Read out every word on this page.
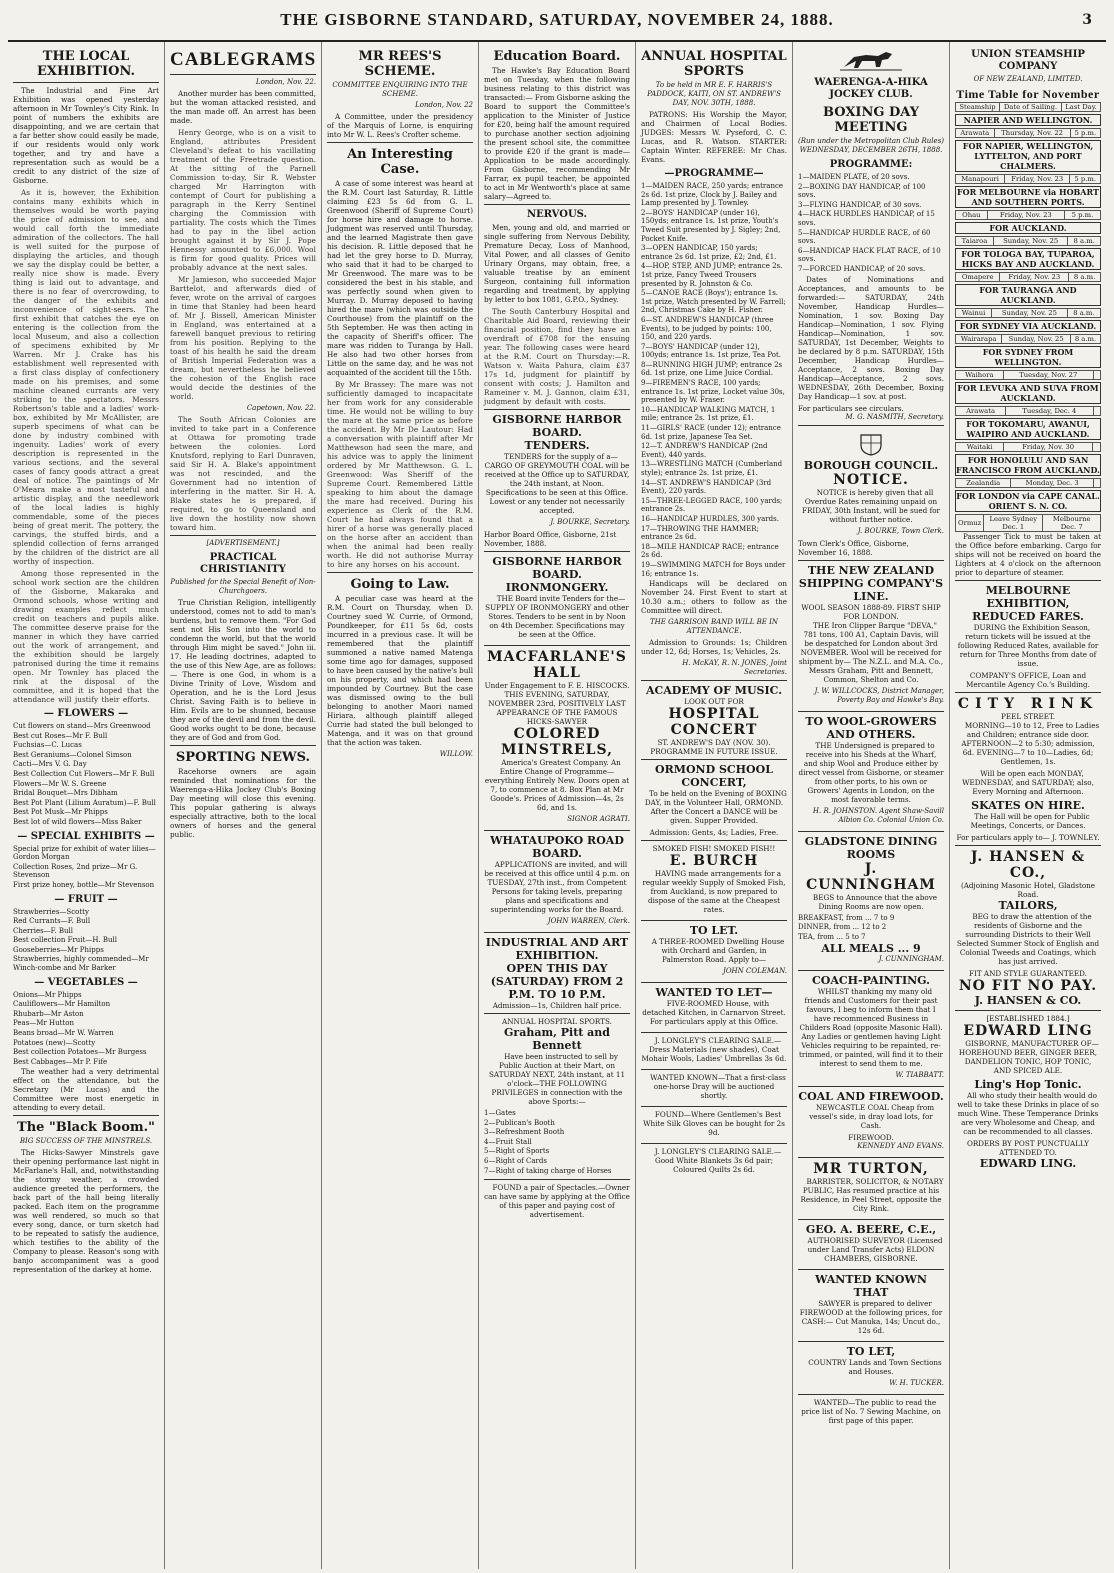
THE GISBORNE STANDARD, SATURDAY, NOVEMBER 24, 1888.	3
THE LOCAL EXHIBITION.

The Industrial and Fine Art Exhibition was opened yesterday afternoon in Mr Townley's City Rink. In point of numbers the exhibits are disappointing, and we are certain that a far better show could easily be made, if our residents would only work together, and try and have a representation such as would be a credit to any district of the size of Gisborne.

As it is, however, the Exhibition contains many exhibits which in themselves would be worth paying the price of admission to see, and would call forth the immediate admiration of the collectors. The hall is well suited for the purpose of displaying the articles, and though we say the display could be better, a really nice show is made. Every thing is laid out to advantage, and there is no fear of overcrowding, to the danger of the exhibits and inconvenience of sight-seers. The first exhibit that catches the eye on entering is the collection from the local Museum, and also a collection of specimens exhibited by Mr Warren. Mr J. Crake has his establishment well represented with a first class display of confectionery made on his premises, and some machine cleaned currants are very striking to the spectators. Messrs Robertson's table and a ladies' work-box, exhibited by Mr McAllister, are superb specimens of what can be done by industry combined with ingenuity. Ladies' work of every description is represented in the various sections, and the several cases of fancy goods attract a great deal of notice. The paintings of Mr O'Meara make a most tasteful and artistic display, and the needlework of the local ladies is highly commendable, some of the pieces being of great merit. The pottery, the carvings, the stuffed birds, and a splendid collection of ferns arranged by the children of the district are all worthy of inspection.

Among those represented in the school work section are the children of the Gisborne, Makaraka and Ormond schools, whose writing and drawing examples reflect much credit on teachers and pupils alike. The committee deserve praise for the manner in which they have carried out the work of arrangement, and the exhibition should be largely patronised during the time it remains open. Mr Townley has placed the rink at the disposal of the committee, and it is hoped that the attendance will justify their efforts.

— FLOWERS —
Cut flowers on stand—Mrs Greenwood
Best cut Roses—Mr F. Bull
Fuchsias—C. Lucas
Best Geraniums—Colonel Simson
Cacti—Mrs V. G. Day
Best Collection Cut Flowers—Mr F. Bull
Flowers—Mr W. S. Greene
Bridal Bouquet—Mrs Dibham
Best Pot Plant (Lilium Auratum)—F. Bull
Best Pot Musk—Mr Phipps
Best lot of wild flowers—Miss Baker
— SPECIAL EXHIBITS —
Special prize for exhibit of water lilies—Gordon Morgan
Collection Roses, 2nd prize—Mr G. Stevenson
First prize honey, bottle—Mr Stevenson
— FRUIT —
Strawberries—Scotty
Red Currants—F. Bull
Cherries—F. Bull
Best collection Fruit—H. Bull
Gooseberries—Mr Phipps
Strawberries, highly commended—Mr Winch-combe and Mr Barker
— VEGETABLES —
Onions—Mr Phipps
Cauliflowers—Mr Hamilton
Rhubarb—Mr Aston
Peas—Mr Hutton
Beans broad—Mr W. Warren
Potatoes (new)—Scotty
Best collection Potatoes—Mr Burgess
Best Cabbages—Mr P. Fife

The weather had a very detrimental effect on the attendance, but the Secretary (Mr Lucas) and the Committee were most energetic in attending to every detail.

The "Black Boom."
BIG SUCCESS OF THE MINSTRELS.

The Hicks-Sawyer Minstrels gave their opening performance last night in McFarlane's Hall, and, notwithstanding the stormy weather, a crowded audience greeted the performers, the back part of the hall being literally packed. Each item on the programme was well rendered, so much so that every song, dance, or turn sketch had to be repeated to satisfy the audience, which testifies to the ability of the Company to please. Reason's song with banjo accompaniment was a good representation of the darkey at home.

CABLEGRAMS
London, Nov. 22.

Another murder has been committed, but the woman attacked resisted, and the man made off. An arrest has been made.

Henry George, who is on a visit to England, attributes President Cleveland's defeat to his vacillating treatment of the Freetrade question. At the sitting of the Parnell Commission to-day, Sir R. Webster charged Mr Harrington with contempt of Court for publishing a paragraph in the Kerry Sentinel charging the Commission with partiality. The costs which the Times had to pay in the libel action brought against it by Sir J. Pope Hennessy amounted to £6,000. Wool is firm for good quality. Prices will probably advance at the next sales.

Mr Jamieson, who succeeded Major Barttelot, and afterwards died of fever, wrote on the arrival of cargoes in time that Stanley had been heard of. Mr J. Bissell, American Minister in England, was entertained at a farewell banquet previous to retiring from his position. Replying to the toast of his health he said the dream of British Imperial Federation was a dream, but nevertheless he believed the cohesion of the English race would decide the destinies of the world.

Capetown, Nov. 22.

The South African Colonies are invited to take part in a Conference at Ottawa for promoting trade between the colonies. Lord Knutsford, replying to Earl Dunraven, said Sir H. A. Blake's appointment was not rescinded, and the Government had no intention of interfering in the matter. Sir H. A. Blake states he is prepared, if required, to go to Queensland and live down the hostility now shown toward him.

[ADVERTISEMENT.]
PRACTICAL CHRISTIANITY
Published for the Special Benefit of Non-Churchgoers.

True Christian Religion, intelligently understood, comes not to add to man's burdens, but to remove them. "For God sent not His Son into the world to condemn the world, but that the world through Him might be saved." John iii. 17. He leading doctrines, adapted to the use of this New Age, are as follows:— There is one God, in whom is a Divine Trinity of Love, Wisdom and Operation, and he is the Lord Jesus Christ. Saving Faith is to believe in Him. Evils are to be shunned, because they are of the devil and from the devil. Good works ought to be done, because they are of God and from God.

SPORTING NEWS.

Racehorse owners are again reminded that nominations for the Waerenga-a-Hika Jockey Club's Boxing Day meeting will close this evening. This popular gathering is always especially attractive, both to the local owners of horses and the general public.

MR REES'S SCHEME.
COMMITTEE ENQUIRING INTO THE SCHEME.
London, Nov. 22

A Committee, under the presidency of the Marquis of Lorne, is enquiring into Mr W. L. Rees's Crofter scheme.

An Interesting Case.

A case of some interest was heard at the R.M. Court last Saturday, R. Little claiming £23 5s 6d from G. L. Greenwood (Sheriff of Supreme Court) for horse hire and damage to horse. Judgment was reserved until Thursday, and the learned Magistrate then gave his decision. R. Little deposed that he had let the grey horse to D. Murray, who said that it had to be charged to Mr Greenwood. The mare was to be considered the best in his stable, and was perfectly sound when given to Murray. D. Murray deposed to having hired the mare (which was outside the Courthouse) from the plaintiff on the 5th September. He was then acting in the capacity of Sheriff's officer. The mare was ridden to Turanga by Hall. He also had two other horses from Little on the same day, and he was not acquainted of the accident till the 15th.

By Mr Brassey: The mare was not sufficiently damaged to incapacitate her from work for any considerable time. He would not be willing to buy the mare at the same price as before the accident. By Mr De Lautour: Had a conversation with plaintiff after Mr Matthewson had seen the mare, and his advice was to apply the liniment ordered by Mr Matthewson. G. L. Greenwood: Was Sheriff of the Supreme Court. Remembered Little speaking to him about the damage the mare had received. During his experience as Clerk of the R.M. Court he had always found that a hirer of a horse was generally placed on the horse after an accident than when the animal had been really worth. He did not authorise Murray to hire any horses on his account.

Going to Law.

A peculiar case was heard at the R.M. Court on Thursday, when D. Courtney sued W. Currie, of Ormond, Poundkeeper, for £11 5s 6d, costs incurred in a previous case. It will be remembered that the plaintiff summoned a native named Matenga some time ago for damages, supposed to have been caused by the native's bull on his property, and which had been impounded by Courtney. But the case was dismissed owing to the bull belonging to another Maori named Hiriara, although plaintiff alleged Currie had stated the bull belonged to Matenga, and it was on that ground that the action was taken.

WILLOW.
Education Board.

The Hawke's Bay Education Board met on Tuesday, when the following business relating to this district was transacted:— From Gisborne asking the Board to support the Committee's application to the Minister of Justice for £20, being half the amount required to purchase another section adjoining the present school site, the committee to provide £20 if the grant is made—Application to be made accordingly. From Gisborne, recommending Mr Farrar, ex pupil teacher, be appointed to act in Mr Wentworth's place at same salary—Agreed to.

NERVOUS.

Men, young and old, and married or single suffering from Nervous Debility, Premature Decay, Loss of Manhood, Vital Power, and all classes of Genito Urinary Organs, may obtain, free, a valuable treatise by an eminent Surgeon, containing full information regarding and treatment, by applying by letter to box 1081, G.P.O., Sydney.

The South Canterbury Hospital and Charitable Aid Board, reviewing their financial position, find they have an overdraft of £708 for the ensuing year. The following cases were heard at the R.M. Court on Thursday:—R. Watson v. Waita Pahura, claim £37 17s 1d, judgment for plaintiff by consent with costs; J. Hamilton and Rameiner v. M. J. Gannon, claim £31, judgment by default with costs.

GISBORNE HARBOR BOARD.
TENDERS.

TENDERS for the supply of a— CARGO OF GREYMOUTH COAL will be received at the Office up to SATURDAY, the 24th instant, at Noon. Specifications to be seen at this Office. Lowest or any tender not necessarily accepted.

J. BOURKE, Secretary.
Harbor Board Office, Gisborne, 21st November, 1888.
GISBORNE HARBOR BOARD.
IRONMONGERY.

THE Board invite Tenders for the— SUPPLY OF IRONMONGERY and other Stores. Tenders to be sent in by Noon on 4th December. Specifications may be seen at the Office.

MACFARLANE'S HALL
Under Engagement to F. E. HISCOCKS.
THIS EVENING, SATURDAY, NOVEMBER 23rd, POSITIVELY LAST APPEARANCE OF THE FAMOUS HICKS-SAWYER
COLORED MINSTRELS,

America's Greatest Company. An Entire Change of Programme—everything Entirely New. Doors open at 7, to commence at 8. Box Plan at Mr Goode's. Prices of Admission—4s, 2s 6d, and 1s.

SIGNOR AGRATI.
WHATAUPOKO ROAD BOARD.

APPLICATIONS are invited, and will be received at this office until 4 p.m. on TUESDAY, 27th inst., from Competent Persons for taking levels, preparing plans and specifications and superintending works for the Board.

JOHN WARREN, Clerk.
INDUSTRIAL AND ART EXHIBITION.
OPEN THIS DAY (SATURDAY) FROM 2 P.M. TO 10 P.M.
Admission—1s, Children half price.
ANNUAL HOSPITAL SPORTS.
Graham, Pitt and Bennett

Have been instructed to sell by Public Auction at their Mart, on SATURDAY NEXT, 24th instant, at 11 o'clock—THE FOLLOWING PRIVILEGES in connection with the above Sports:—

1—Gates
2—Publican's Booth
3—Refreshment Booth
4—Fruit Stall
5—Right of Sports
6—Right of Cards
7—Right of taking charge of Horses

FOUND a pair of Spectacles.—Owner can have same by applying at the Office of this paper and paying cost of advertisement.

ANNUAL HOSPITAL SPORTS
To be held in MR E. F. HARRIS'S PADDOCK, KAITI, ON ST. ANDREW'S DAY, NOV. 30TH, 1888.

PATRONS: His Worship the Mayor, and Chairmen of Local Bodies. JUDGES: Messrs W. Pyseford, C. C. Lucas, and R. Watson. STARTER: Captain Winter. REFEREE: Mr Chas. Evans.

—PROGRAMME—
1—MAIDEN RACE, 250 yards; entrance 2s 6d. 1st prize, Clock by J. Bailey and Lamp presented by J. Townley.
2—BOYS' HANDICAP (under 16), 150yds; entrance 1s. 1st prize, Youth's Tweed Suit presented by J. Sigley; 2nd, Pocket Knife.
3—OPEN HANDICAP, 150 yards; entrance 2s 6d. 1st prize, £2; 2nd, £1.
4—HOP, STEP, AND JUMP; entrance 2s. 1st prize, Fancy Tweed Trousers presented by R. Johnston & Co.
5—CANOE RACE (Boys'); entrance 1s. 1st prize, Watch presented by W. Farrell; 2nd, Christmas Cake by H. Fisher.
6—ST. ANDREW'S HANDICAP (three Events), to be judged by points: 100, 150, and 220 yards.
7—BOYS' HANDICAP (under 12), 100yds; entrance 1s. 1st prize, Tea Pot.
8—RUNNING HIGH JUMP; entrance 2s 6d. 1st prize, one Lime Juice Cordial.
9—FIREMEN'S RACE, 100 yards; entrance 1s. 1st prize, Locket value 30s, presented by W. Fraser.
10—HANDICAP WALKING MATCH, 1 mile; entrance 2s. 1st prize, £1.
11—GIRLS' RACE (under 12); entrance 6d. 1st prize, Japanese Tea Set.
12—T. ANDREW'S HANDICAP (2nd Event), 440 yards.
13—WRESTLING MATCH (Cumberland style); entrance 2s. 1st prize, £1.
14—ST. ANDREW'S HANDICAP (3rd Event), 220 yards.
15—THREE-LEGGED RACE, 100 yards; entrance 2s.
16—HANDICAP HURDLES, 300 yards.
17—THROWING THE HAMMER; entrance 2s 6d.
18—MILE HANDICAP RACE; entrance 2s 6d.
19—SWIMMING MATCH for Boys under 16; entrance 1s.

Handicaps will be declared on November 24. First Event to start at 10.30 a.m.; others to follow as the Committee will direct.

THE GARRISON BAND WILL BE IN ATTENDANCE.

Admission to Grounds: 1s; Children under 12, 6d; Horses, 1s; Vehicles, 2s.

H. McKAY, R. N. JONES, Joint Secretaries.
ACADEMY OF MUSIC.
LOOK OUT FOR
HOSPITAL CONCERT
ST. ANDREW'S DAY (NOV. 30).
PROGRAMME IN FUTURE ISSUE.
ORMOND SCHOOL CONCERT,

To be held on the Evening of BOXING DAY, in the Volunteer Hall, ORMOND. After the Concert a DANCE will be given. Supper Provided.

Admission: Gents, 4s; Ladies, Free.
SMOKED FISH! SMOKED FISH!!
E. BURCH

HAVING made arrangements for a regular weekly Supply of Smoked Fish, from Auckland, is now prepared to dispose of the same at the Cheapest rates.

TO LET.

A THREE-ROOMED Dwelling House with Orchard and Garden, in Palmerston Road. Apply to—

JOHN COLEMAN.
WANTED TO LET—

FIVE-ROOMED House, with detached Kitchen, in Carnarvon Street. For particulars apply at this Office.

J. LONGLEY'S CLEARING SALE.—Dress Materials (new shades), Coat Mohair Wools, Ladies' Umbrellas 3s 6d.

WANTED KNOWN—That a first-class one-horse Dray will be auctioned shortly.

FOUND—Where Gentlemen's Best White Silk Gloves can be bought for 2s 9d.

J. LONGLEY'S CLEARING SALE.—Good White Blankets 3s 6d pair; Coloured Quilts 2s 6d.

WAERENGA-A-HIKA JOCKEY CLUB.
BOXING DAY MEETING
(Run under the Metropolitan Club Rules) WEDNESDAY, DECEMBER 26TH, 1888.
PROGRAMME:
1—MAIDEN PLATE, of 20 sovs.
2—BOXING DAY HANDICAP, of 100 sovs.
3—FLYING HANDICAP, of 30 sovs.
4—HACK HURDLES HANDICAP, of 15 sovs.
5—HANDICAP HURDLE RACE, of 60 sovs.
6—HANDICAP HACK FLAT RACE, of 10 sovs.
7—FORCED HANDICAP, of 20 sovs.

Dates of Nominations and Acceptances, and amounts to be forwarded:— SATURDAY, 24th November, Handicap Hurdles—Nomination, 1 sov. Boxing Day Handicap—Nomination, 1 sov. Flying Handicap—Nomination, 1 sov. SATURDAY, 1st December, Weights to be declared by 8 p.m. SATURDAY, 15th December, Handicap Hurdles—Acceptance, 2 sovs. Boxing Day Handicap—Acceptance, 2 sovs. WEDNESDAY, 26th December, Boxing Day Handicap—1 sov. at post.

For particulars see circulars.
M. G. NASMITH, Secretary.
BOROUGH COUNCIL.
NOTICE.

NOTICE is hereby given that all Overdue Rates remaining unpaid on FRIDAY, 30th Instant, will be sued for without further notice.

J. BOURKE, Town Clerk.
Town Clerk's Office, Gisborne, November 16, 1888.
THE NEW ZEALAND SHIPPING COMPANY'S LINE.
WOOL SEASON 1888-89. FIRST SHIP FOR LONDON.

THE Iron Clipper Barque "DEVA," 781 tons, 100 A1, Captain Davis, will be despatched for London about 3rd NOVEMBER. Wool will be received for shipment by— The N.Z.L. and M.A. Co., Messrs Graham, Pitt and Bennett, Common, Shelton and Co.

J. W. WILLCOCKS, District Manager, Poverty Bay and Hawke's Bay.
TO WOOL-GROWERS AND OTHERS.

THE Undersigned is prepared to receive into his Sheds at the Wharf, and ship Wool and Produce either by direct vessel from Gisborne, or steamer from other ports, to his own or Growers' Agents in London, on the most favorable terms.

H. R. JOHNSTON. Agent Shaw-Savill Albion Co. Colonial Union Co.
GLADSTONE DINING ROOMS
J. CUNNINGHAM

BEGS to Announce that the above Dining Rooms are now open.

BREAKFAST, from ... 7 to 9
DINNER, from ... 12 to 2
TEA, from ... 5 to 7
ALL MEALS ... 9
J. CUNNINGHAM.
COACH-PAINTING.

WHILST thanking my many old friends and Customers for their past favours, I beg to inform them that I have recommenced Business in Childers Road (opposite Masonic Hall). Any Ladies or gentlemen having Light Vehicles requiring to be repainted, re-trimmed, or painted, will find it to their interest to send them to me.

W. TIABBATT.
COAL AND FIREWOOD.

NEWCASTLE COAL Cheap from vessel's side, in dray load lots, for Cash.

FIREWOOD.
KENNEDY AND EVANS.
MR TURTON,

BARRISTER, SOLICITOR, & NOTARY PUBLIC, Has resumed practice at his Residence, in Peel Street, opposite the City Rink.

GEO. A. BEERE, C.E.,

AUTHORISED SURVEYOR (Licensed under Land Transfer Acts) ELDON CHAMBERS, GISBORNE.

WANTED KNOWN THAT

SAWYER is prepared to deliver FIREWOOD at the following prices, for CASH:— Cut Manuka, 14s; Uncut do., 12s 6d.

TO LET,

COUNTRY Lands and Town Sections and Houses.

W. H. TUCKER.

WANTED—The public to read the price list of No. 7 Sewing Machine, on first page of this paper.

UNION STEAMSHIP COMPANY
OF NEW ZEALAND, LIMITED.
Time Table for November
Steamship	Date of Sailing.	Last Day.
NAPIER AND WELLINGTON.
Arawata	Thursday, Nov. 22	5 p.m.
FOR NAPIER, WELLINGTON, LYTTELTON, AND PORT CHALMERS.
Manapouri	Friday, Nov. 23	5 p.m.
FOR MELBOURNE via HOBART AND SOUTHERN PORTS.
Ohau	Friday, Nov. 23	5 p.m.
FOR AUCKLAND.
Taiaroa	Sunday, Nov. 25	8 a.m.
FOR TOLOGA BAY, TUPAROA, HICKS BAY AND AUCKLAND.
Omapere	Friday, Nov. 23	8 a.m.
FOR TAURANGA AND AUCKLAND.
Wainui	Sunday, Nov. 25	8 a.m.
FOR SYDNEY VIA AUCKLAND.
Wairarapa	Sunday, Nov. 25	8 a.m.
FOR SYDNEY FROM WELLINGTON.
Waihora	Tuesday, Nov. 27	
FOR LEVUKA AND SUVA FROM AUCKLAND.
Arawata	Tuesday, Dec. 4	
FOR TOKOMARU, AWANUI, WAIPIRO AND AUCKLAND.
Waitaki	Friday, Nov. 30	
FOR HONOLULU AND SAN FRANCISCO FROM AUCKLAND.
Zealandia	Monday, Dec. 3	
FOR LONDON via CAPE CANAL. ORIENT S. N. CO.
Ormuz	Leave Sydney Dec. 1	Melbourne Dec. 7

Passenger Tick to must be taken at the Office before embarking. Cargo for ships will not be received on board the Lighters at 4 o'clock on the afternoon prior to departure of steamer.

MELBOURNE EXHIBITION, REDUCED FARES.

DURING the Exhibition Season, return tickets will be issued at the following Reduced Rates, available for return for Three Months from date of issue.

COMPANY'S OFFICE, Loan and Mercantile Agency Co.'s Building.
CITY RINK
PEEL STREET.

MORNING—10 to 12, Free to Ladies and Children; entrance side door. AFTERNOON—2 to 5:30; admission, 6d. EVENING—7 to 10—Ladies, 6d; Gentlemen, 1s.

Will be open each MONDAY, WEDNESDAY, and SATURDAY; also, Every Morning and Afternoon.

SKATES ON HIRE.

The Hall will be open for Public Meetings, Concerts, or Dances.

For particulars apply to— J. TOWNLEY.
J. HANSEN & CO.,
(Adjoining Masonic Hotel, Gladstone Road.
TAILORS,

BEG to draw the attention of the residents of Gisborne and the surrounding Districts to their Well Selected Summer Stock of English and Colonial Tweeds and Coatings, which has just arrived.

FIT AND STYLE GUARANTEED.
NO FIT NO PAY.
J. HANSEN & CO.
[ESTABLISHED 1884.]
EDWARD LING

GISBORNE, MANUFACTURER OF— HOREHOUND BEER, GINGER BEER, DANDELION TONIC, HOP TONIC, AND SPICED ALE.

Ling's Hop Tonic.

All who study their health would do well to take these Drinks in place of so much Wine. These Temperance Drinks are very Wholesome and Cheap, and can be recommended to all classes.

ORDERS BY POST PUNCTUALLY ATTENDED TO.
EDWARD LING.
